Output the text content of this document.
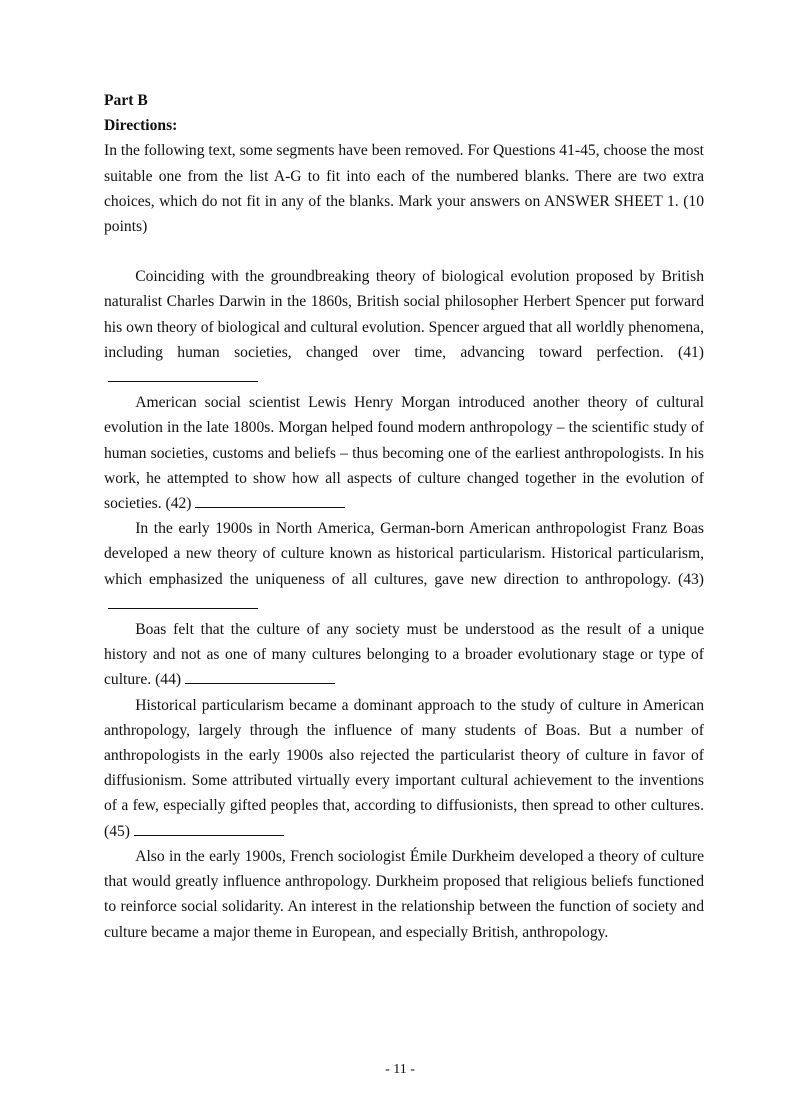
Part B

Directions:

In the following text, some segments have been removed. For Questions 41-45, choose the most suitable one from the list A-G to fit into each of the numbered blanks. There are two extra choices, which do not fit in any of the blanks. Mark your answers on ANSWER SHEET 1. (10 points)

Coinciding with the groundbreaking theory of biological evolution proposed by British naturalist Charles Darwin in the 1860s, British social philosopher Herbert Spencer put forward his own theory of biological and cultural evolution. Spencer argued that all worldly phenomena, including human societies, changed over time, advancing toward perfection. (41)

American social scientist Lewis Henry Morgan introduced another theory of cultural evolution in the late 1800s. Morgan helped found modern anthropology – the scientific study of human societies, customs and beliefs – thus becoming one of the earliest anthropologists. In his work, he attempted to show how all aspects of culture changed together in the evolution of societies. (42)

In the early 1900s in North America, German-born American anthropologist Franz Boas developed a new theory of culture known as historical particularism. Historical particularism, which emphasized the uniqueness of all cultures, gave new direction to anthropology. (43)

Boas felt that the culture of any society must be understood as the result of a unique history and not as one of many cultures belonging to a broader evolutionary stage or type of culture. (44)

Historical particularism became a dominant approach to the study of culture in American anthropology, largely through the influence of many students of Boas. But a number of anthropologists in the early 1900s also rejected the particularist theory of culture in favor of diffusionism. Some attributed virtually every important cultural achievement to the inventions of a few, especially gifted peoples that, according to diffusionists, then spread to other cultures. (45)

Also in the early 1900s, French sociologist Émile Durkheim developed a theory of culture that would greatly influence anthropology. Durkheim proposed that religious beliefs functioned to reinforce social solidarity. An interest in the relationship between the function of society and culture became a major theme in European, and especially British, anthropology.

- 11 -
